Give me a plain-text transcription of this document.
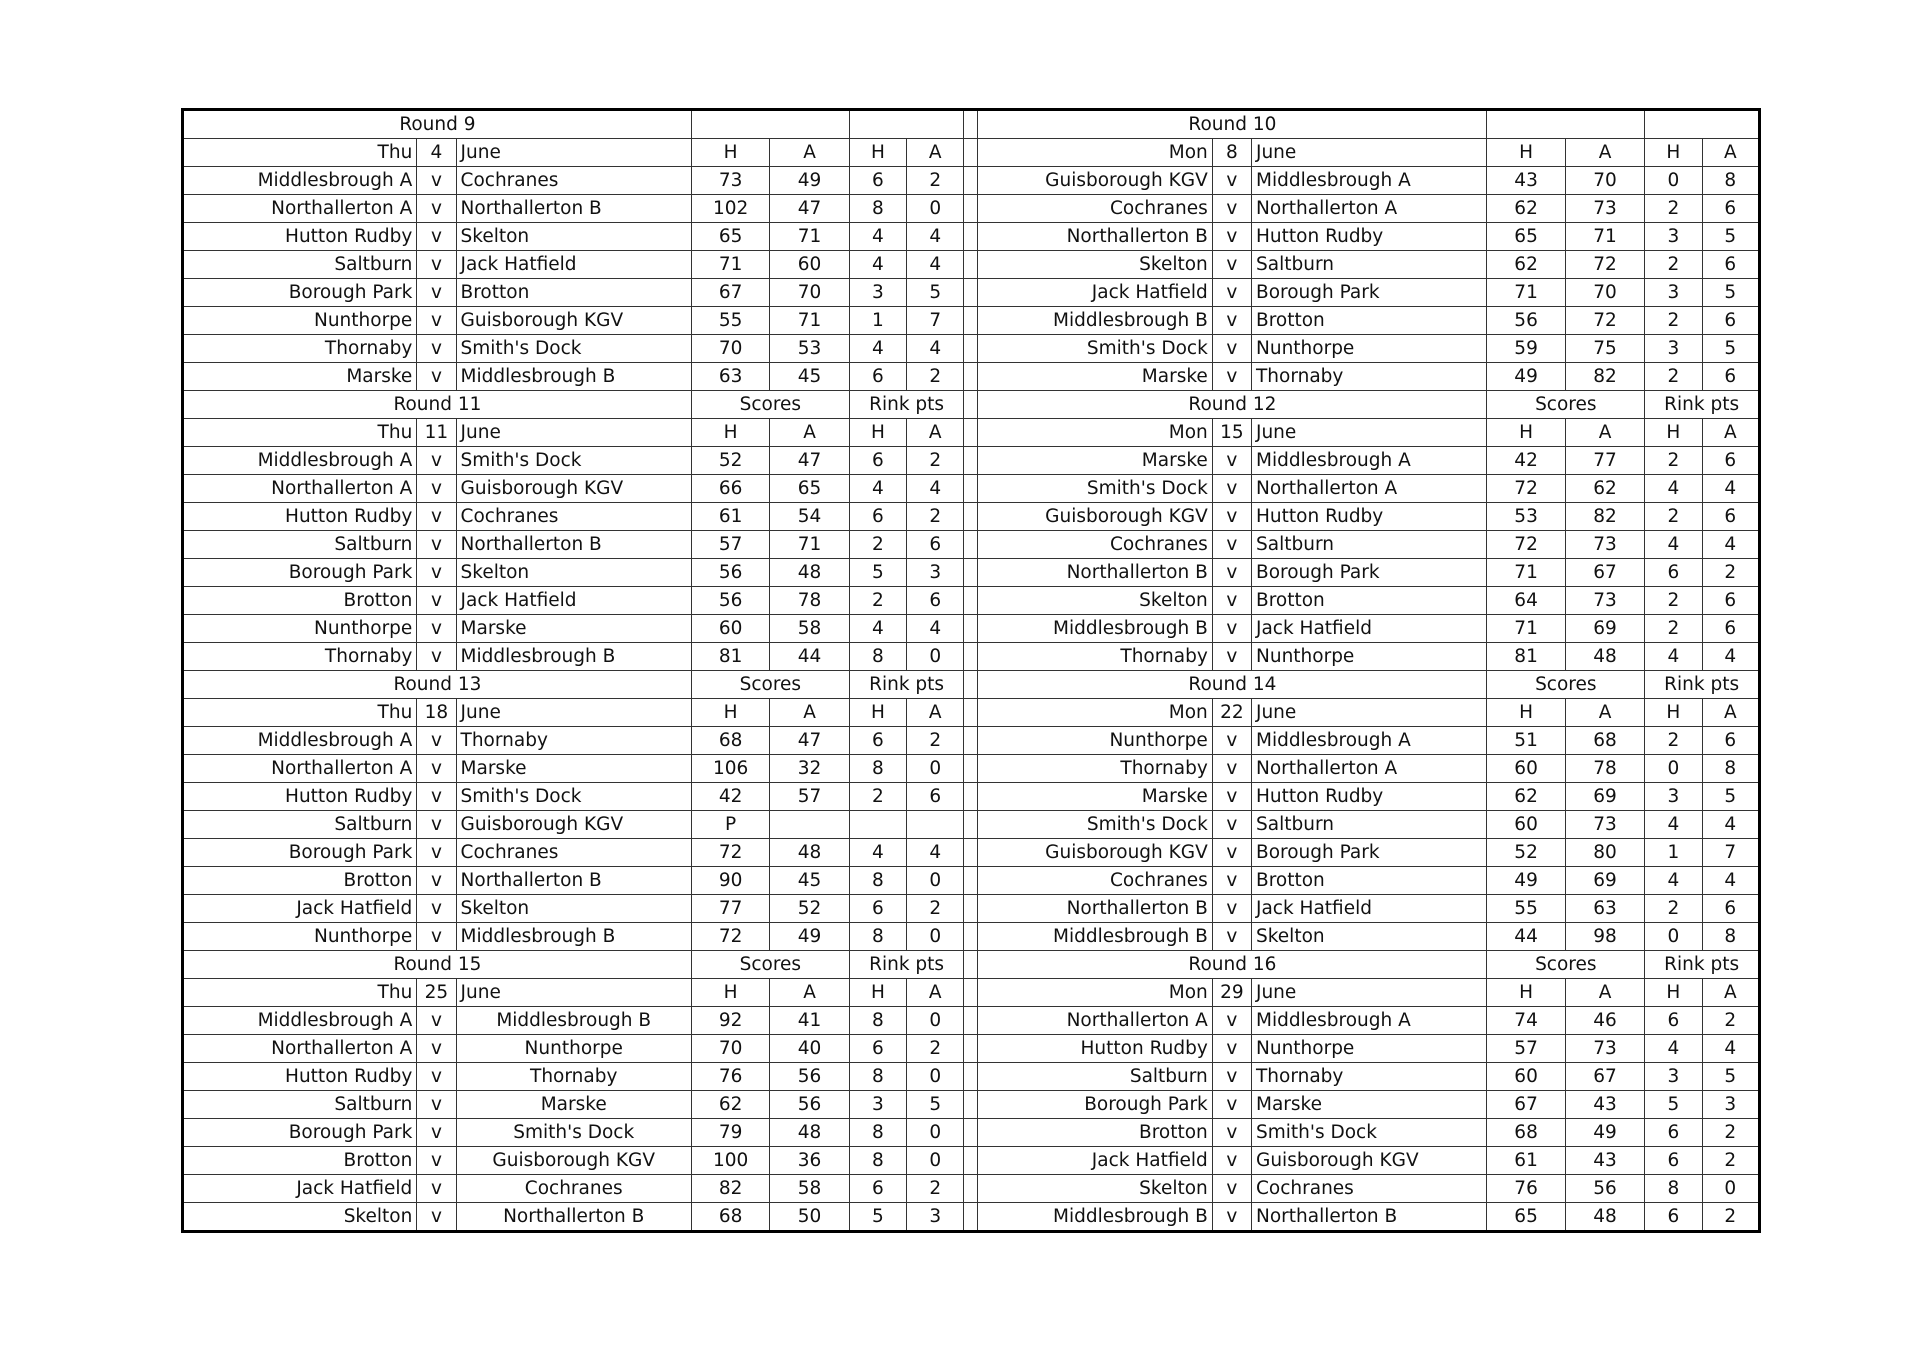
Round 9								Round 10						
Thu	4	June	H	A	H	A		Mon	8	June	H	A	H	A
Middlesbrough A	v	Cochranes	73	49	6	2		Guisborough KGV	v	Middlesbrough A	43	70	0	8
Northallerton A	v	Northallerton B	102	47	8	0		Cochranes	v	Northallerton A	62	73	2	6
Hutton Rudby	v	Skelton	65	71	4	4		Northallerton B	v	Hutton Rudby	65	71	3	5
Saltburn	v	Jack Hatfield	71	60	4	4		Skelton	v	Saltburn	62	72	2	6
Borough Park	v	Brotton	67	70	3	5		Jack Hatfield	v	Borough Park	71	70	3	5
Nunthorpe	v	Guisborough KGV	55	71	1	7		Middlesbrough B	v	Brotton	56	72	2	6
Thornaby	v	Smith's Dock	70	53	4	4		Smith's Dock	v	Nunthorpe	59	75	3	5
Marske	v	Middlesbrough B	63	45	6	2		Marske	v	Thornaby	49	82	2	6
Round 11			Scores		Rink pts			Round 12			Scores		Rink pts	
Thu	11	June	H	A	H	A		Mon	15	June	H	A	H	A
Middlesbrough A	v	Smith's Dock	52	47	6	2		Marske	v	Middlesbrough A	42	77	2	6
Northallerton A	v	Guisborough KGV	66	65	4	4		Smith's Dock	v	Northallerton A	72	62	4	4
Hutton Rudby	v	Cochranes	61	54	6	2		Guisborough KGV	v	Hutton Rudby	53	82	2	6
Saltburn	v	Northallerton B	57	71	2	6		Cochranes	v	Saltburn	72	73	4	4
Borough Park	v	Skelton	56	48	5	3		Northallerton B	v	Borough Park	71	67	6	2
Brotton	v	Jack Hatfield	56	78	2	6		Skelton	v	Brotton	64	73	2	6
Nunthorpe	v	Marske	60	58	4	4		Middlesbrough B	v	Jack Hatfield	71	69	2	6
Thornaby	v	Middlesbrough B	81	44	8	0		Thornaby	v	Nunthorpe	81	48	4	4
Round 13			Scores		Rink pts			Round 14			Scores		Rink pts	
Thu	18	June	H	A	H	A		Mon	22	June	H	A	H	A
Middlesbrough A	v	Thornaby	68	47	6	2		Nunthorpe	v	Middlesbrough A	51	68	2	6
Northallerton A	v	Marske	106	32	8	0		Thornaby	v	Northallerton A	60	78	0	8
Hutton Rudby	v	Smith's Dock	42	57	2	6		Marske	v	Hutton Rudby	62	69	3	5
Saltburn	v	Guisborough KGV	P					Smith's Dock	v	Saltburn	60	73	4	4
Borough Park	v	Cochranes	72	48	4	4		Guisborough KGV	v	Borough Park	52	80	1	7
Brotton	v	Northallerton B	90	45	8	0		Cochranes	v	Brotton	49	69	4	4
Jack Hatfield	v	Skelton	77	52	6	2		Northallerton B	v	Jack Hatfield	55	63	2	6
Nunthorpe	v	Middlesbrough B	72	49	8	0		Middlesbrough B	v	Skelton	44	98	0	8
Round 15			Scores		Rink pts			Round 16			Scores		Rink pts	
Thu	25	June	H	A	H	A		Mon	29	June	H	A	H	A
Middlesbrough A	v	Middlesbrough B	92	41	8	0		Northallerton A	v	Middlesbrough A	74	46	6	2
Northallerton A	v	Nunthorpe	70	40	6	2		Hutton Rudby	v	Nunthorpe	57	73	4	4
Hutton Rudby	v	Thornaby	76	56	8	0		Saltburn	v	Thornaby	60	67	3	5
Saltburn	v	Marske	62	56	3	5		Borough Park	v	Marske	67	43	5	3
Borough Park	v	Smith's Dock	79	48	8	0		Brotton	v	Smith's Dock	68	49	6	2
Brotton	v	Guisborough KGV	100	36	8	0		Jack Hatfield	v	Guisborough KGV	61	43	6	2
Jack Hatfield	v	Cochranes	82	58	6	2		Skelton	v	Cochranes	76	56	8	0
Skelton	v	Northallerton B	68	50	5	3		Middlesbrough B	v	Northallerton B	65	48	6	2
